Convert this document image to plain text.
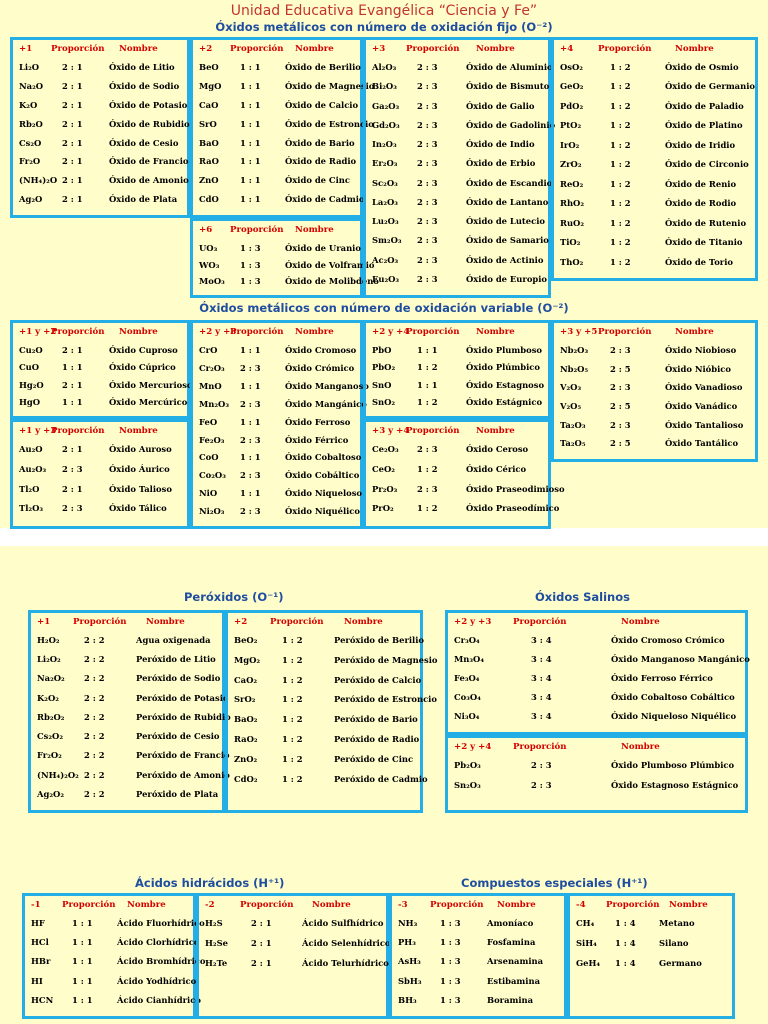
Unidad Educativa Evangélica “Ciencia y Fe”
Óxidos metálicos con número de oxidación fijo (O⁻²)
Óxidos metálicos con número de oxidación variable (O⁻²)
Peróxidos (O⁻¹)	Óxidos Salinos
Ácidos hidrácidos (H⁺¹)	Compuestos especiales (H⁺¹)
+1 Proporción Nombre
Li₂O	2 : 1	Óxido de Litio
Na₂O 2 : 1	Óxido de Sodio
K₂O	2 : 1	Óxido de Potasio
Rb₂O 2 : 1	Óxido de Rubidio
Cs₂O 2 : 1	Óxido de Cesio
Fr₂O	2 : 1	Óxido de Francio
(NH₄)₂O 2 : 1	Óxido de Amonio
Ag₂O 2 : 1	Óxido de Plata
+2 Proporción Nombre
BeO	1 : 1	Óxido de Berilio
MgO 1 : 1	Óxido de Magnesio
CaO	1 : 1	Óxido de Calcio
SrO	1 : 1	Óxido de Estroncio
BaO	1 : 1	Óxido de Bario
RaO	1 : 1	Óxido de Radio
ZnO	1 : 1	Óxido de Cinc
CdO	1 : 1	Óxido de Cadmio
+6 Proporción Nombre
UO₃	1 : 3	Óxido de Uranio
WO₃ 1 : 3	Óxido de Volframio
MoO₃ 1 : 3	Óxido de Molibdeno
+3 Proporción Nombre
Al₂O₃ 2 : 3	Óxido de Aluminio
Bi₂O₃ 2 : 3	Óxido de Bismuto
Ga₂O₃ 2 : 3	Óxido de Galio
Gd₂O₃ 2 : 3	Óxido de Gadolinio
In₂O₃ 2 : 3	Óxido de Indio
Er₂O₃ 2 : 3	Óxido de Erbio
Sc₂O₃ 2 : 3	Óxido de Escandio
La₂O₃ 2 : 3	Óxido de Lantano
Lu₂O₃ 2 : 3	Óxido de Lutecio
Sm₂O₃ 2 : 3	Óxido de Samario
Ac₂O₃ 2 : 3	Óxido de Actinio
Eu₂O₃ 2 : 3	Óxido de Europio
+4	Proporción	Nombre
OsO₂	1 : 2	Óxido de Osmio
GeO₂	1 : 2	Óxido de Germanio
PdO₂	1 : 2	Óxido de Paladio
PtO₂	1 : 2	Óxido de Platino
IrO₂	1 : 2	Óxido de Iridio
ZrO₂	1 : 2	Óxido de Circonio
ReO₂	1 : 2	Óxido de Renio
RhO₂	1 : 2	Óxido de Rodio
RuO₂	1 : 2	Óxido de Rutenio
TiO₂	1 : 2	Óxido de Titanio
ThO₂	1 : 2	Óxido de Torio
+1 y +2
Proporción Nombre
Cu₂O 2 : 1	Óxido Cuproso
CuO	1 : 1	Óxido Cúprico
Hg₂O 2 : 1	Óxido Mercurioso
HgO	1 : 1	Óxido Mercúrico
+1 y +3
Proporción Nombre
Au₂O 2 : 1	Óxido Auroso
Au₂O₃ 2 : 3	Óxido Áurico
Tl₂O	2 : 1	Óxido Talioso
Tl₂O₃ 2 : 3	Óxido Tálico
+2 y +3
Proporción Nombre
CrO	1 : 1	Óxido Cromoso
Cr₂O₃ 2 : 3	Óxido Crómico
MnO 1 : 1	Óxido Manganoso
Mn₂O₃ 2 : 3	Óxido Mangánico
FeO	1 : 1	Óxido Ferroso
Fe₂O₃ 2 : 3	Óxido Férrico
CoO	1 : 1	Óxido Cobaltoso
Co₂O₃ 2 : 3	Óxido Cobáltico
NiO	1 : 1	Óxido Niqueloso
Ni₂O₃ 2 : 3	Óxido Niquélico
+2 y +4
Proporción Nombre
PbO	1 : 1	Óxido Plumboso
PbO₂	1 : 2	Óxido Plúmbico
SnO	1 : 1	Óxido Estagnoso
SnO₂	1 : 2	Óxido Estágnico
+3 y +4
Proporción Nombre
Ce₂O₃ 2 : 3	Óxido Ceroso
CeO₂	1 : 2	Óxido Cérico
Pr₂O₃ 2 : 3	Óxido Praseodimioso
PrO₂	1 : 2	Óxido Praseodímico
+3 y +5 Proporción	Nombre
Nb₂O₃	2 : 3	Óxido Niobioso
Nb₂O₅	2 : 5	Óxido Nióbico
V₂O₃	2 : 3	Óxido Vanadioso
V₂O₅	2 : 5	Óxido Vanádico
Ta₂O₃	2 : 3	Óxido Tantalioso
Ta₂O₅	2 : 5	Óxido Tantálico
+1	Proporción Nombre
H₂O₂	2 : 2	Agua oxigenada
Li₂O₂	2 : 2	Peróxido de Litio
Na₂O₂ 2 : 2	Peróxido de Sodio
K₂O₂	2 : 2	Peróxido de Potasio
Rb₂O₂ 2 : 2	Peróxido de Rubidio
Cs₂O₂ 2 : 2	Peróxido de Cesio
Fr₂O₂	2 : 2	Peróxido de Francio
(NH₄)₂O₂ 2 : 2	Peróxido de Amonio
Ag₂O₂ 2 : 2	Peróxido de Plata
+2	Proporción Nombre
BeO₂	1 : 2	Peróxido de Berilio
MgO₂	1 : 2	Peróxido de Magnesio
CaO₂	1 : 2	Peróxido de Calcio
SrO₂	1 : 2	Peróxido de Estroncio
BaO₂	1 : 2	Peróxido de Bario
RaO₂	1 : 2	Peróxido de Radio
ZnO₂	1 : 2	Peróxido de Cinc
CdO₂	1 : 2	Peróxido de Cadmio
+2 y +3	Proporción	Nombre
Cr₃O₄	3 : 4	Óxido Cromoso Crómico
Mn₃O₄	3 : 4	Óxido Manganoso Mangánico
Fe₃O₄	3 : 4	Óxido Ferroso Férrico
Co₃O₄	3 : 4	Óxido Cobaltoso Cobáltico
Ni₃O₄	3 : 4	Óxido Niqueloso Niquélico
+2 y +4	Proporción	Nombre
Pb₂O₃	2 : 3	Óxido Plumboso Plúmbico
Sn₂O₃	2 : 3	Óxido Estagnoso Estágnico
-1 Proporción Nombre
HF	1 : 1	Ácido Fluorhídrico
HCl	1 : 1	Ácido Clorhídrico
HBr	1 : 1	Ácido Bromhídrico
HI	1 : 1	Ácido Yodhídrico
HCN 1 : 1	Ácido Cianhídrico
-2	Proporción Nombre
H₂S	2 : 1	Ácido Sulfhídrico
H₂Se	2 : 1	Ácido Selenhídrico
H₂Te	2 : 1	Ácido Telurhídrico
-3	Proporción Nombre
NH₃	1 : 3	Amoníaco
PH₃	1 : 3	Fosfamina
AsH₃ 1 : 3	Arsenamina
SbH₃ 1 : 3	Estibamina
BH₃	1 : 3	Boramina
-4 Proporción Nombre
CH₄ 1 : 4	Metano
SiH₄ 1 : 4	Silano
GeH₄ 1 : 4	Germano
